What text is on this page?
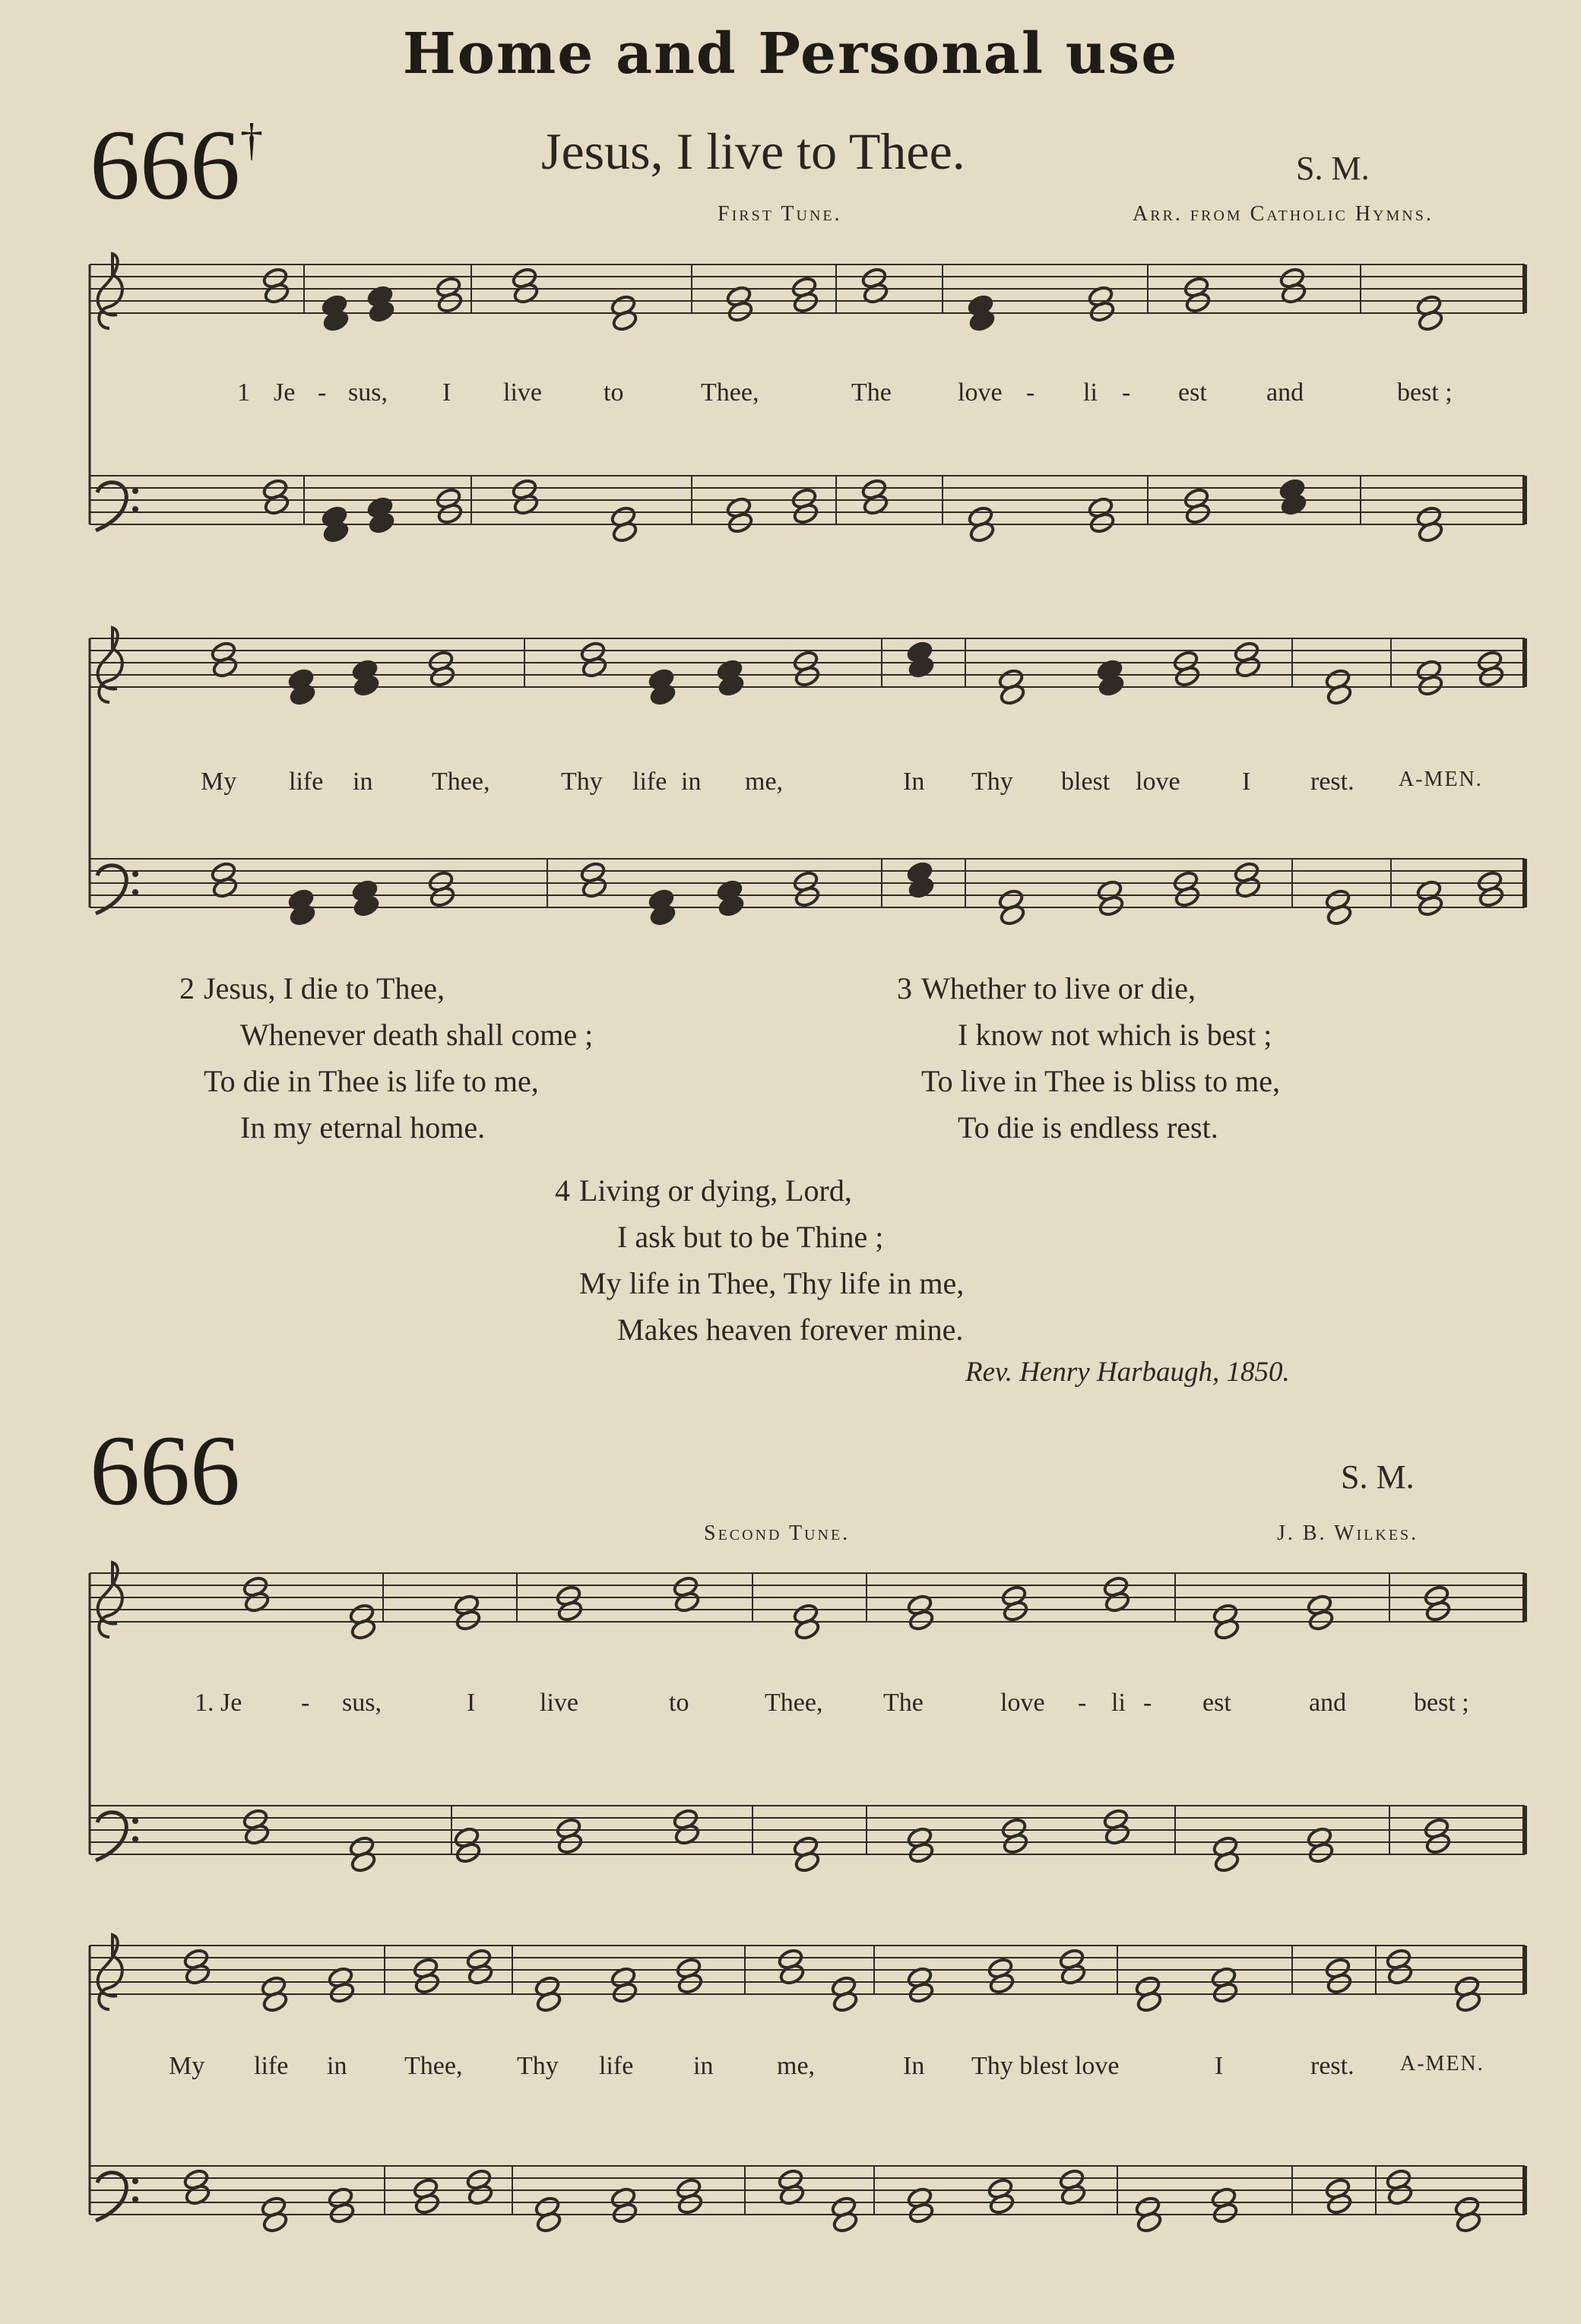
Home and Personal use
666†	Jesus, I live to Thee.	S. M.
First Tune.	Arr. from Catholic Hymns.
1 Je - sus, I live to	Thee,	The	love - li - est and	best ;
My life in Thee,	Thy life in me,	In Thy blest love I rest. A-MEN.
2 Jesus, I die to Thee,
Whenever death shall come ;
To die in Thee is life to me,
In my eternal home.
3 Whether to live or die,
I know not which is best ;
To live in Thee is bliss to me,
To die is endless rest.
4 Living or dying, Lord,
I ask but to be Thine ;
My life in Thee, Thy life in me,
Makes heaven forever mine.
Rev. Henry Harbaugh, 1850.
666	S. M.
Second Tune.	J. B. Wilkes.
1. Je - sus,	I live	to	Thee, The	love - li - est	and	best ;
My life in Thee, Thy life in me,	In Thy blest love	I	rest. A-MEN.
